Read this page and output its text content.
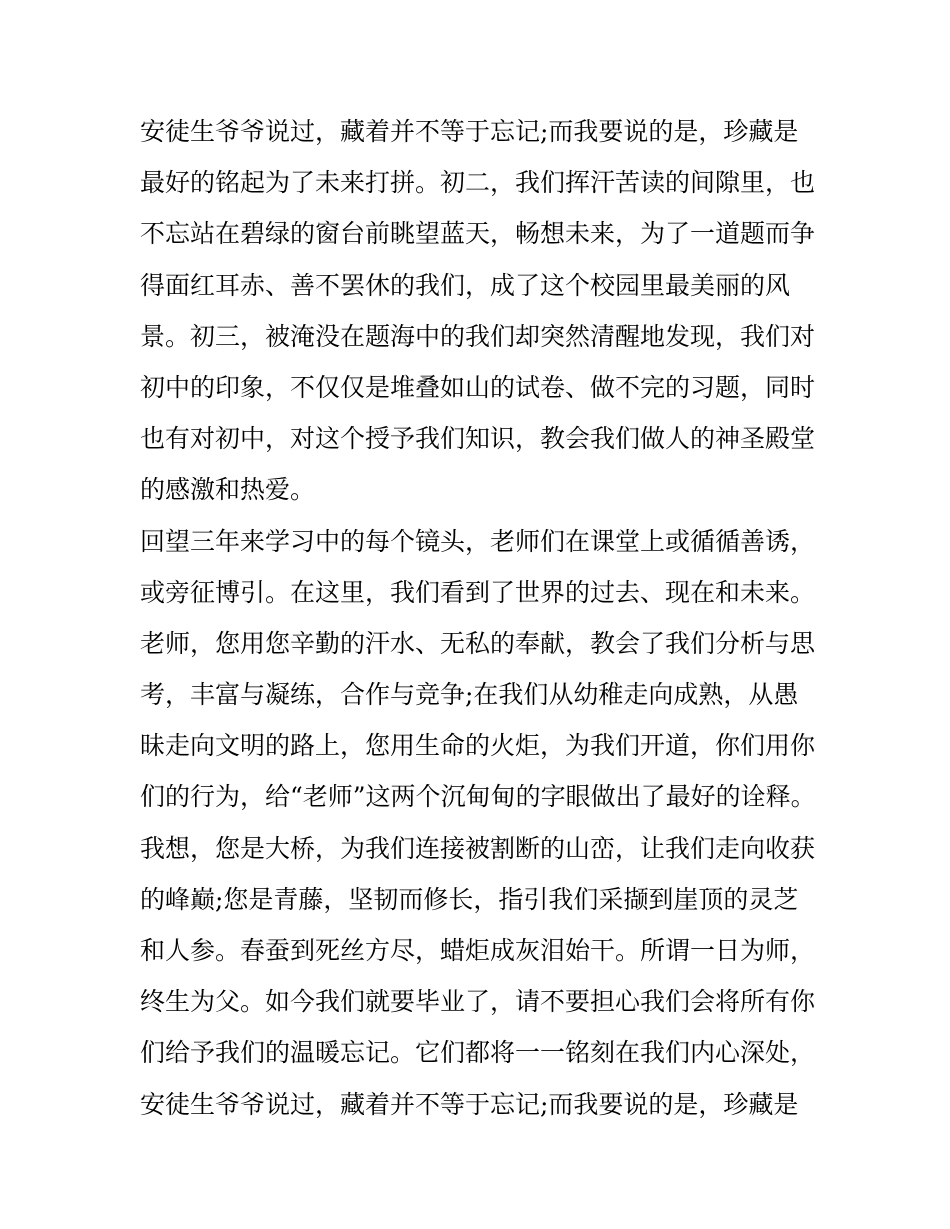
安徒生爷爷说过，藏着并不等于忘记;而我要说的是，珍藏是
最好的铭起为了未来打拼。初二，我们挥汗苦读的间隙里，也
不忘站在碧绿的窗台前眺望蓝天，畅想未来，为了一道题而争
得面红耳赤、善不罢休的我们，成了这个校园里最美丽的风
景。初三，被淹没在题海中的我们却突然清醒地发现，我们对
初中的印象，不仅仅是堆叠如山的试卷、做不完的习题，同时
也有对初中，对这个授予我们知识，教会我们做人的神圣殿堂
的感激和热爱。
回望三年来学习中的每个镜头，老师们在课堂上或循循善诱，
或旁征博引。在这里，我们看到了世界的过去、现在和未来。
老师，您用您辛勤的汗水、无私的奉献，教会了我们分析与思
考，丰富与凝练，合作与竞争;在我们从幼稚走向成熟，从愚
昧走向文明的路上，您用生命的火炬，为我们开道，你们用你
们的行为，给“老师”这两个沉甸甸的字眼做出了最好的诠释。
我想，您是大桥，为我们连接被割断的山峦，让我们走向收获
的峰巅;您是青藤，坚韧而修长，指引我们采撷到崖顶的灵芝
和人参。春蚕到死丝方尽，蜡炬成灰泪始干。所谓一日为师，
终生为父。如今我们就要毕业了，请不要担心我们会将所有你
们给予我们的温暖忘记。它们都将一一铭刻在我们内心深处，
安徒生爷爷说过，藏着并不等于忘记;而我要说的是，珍藏是
